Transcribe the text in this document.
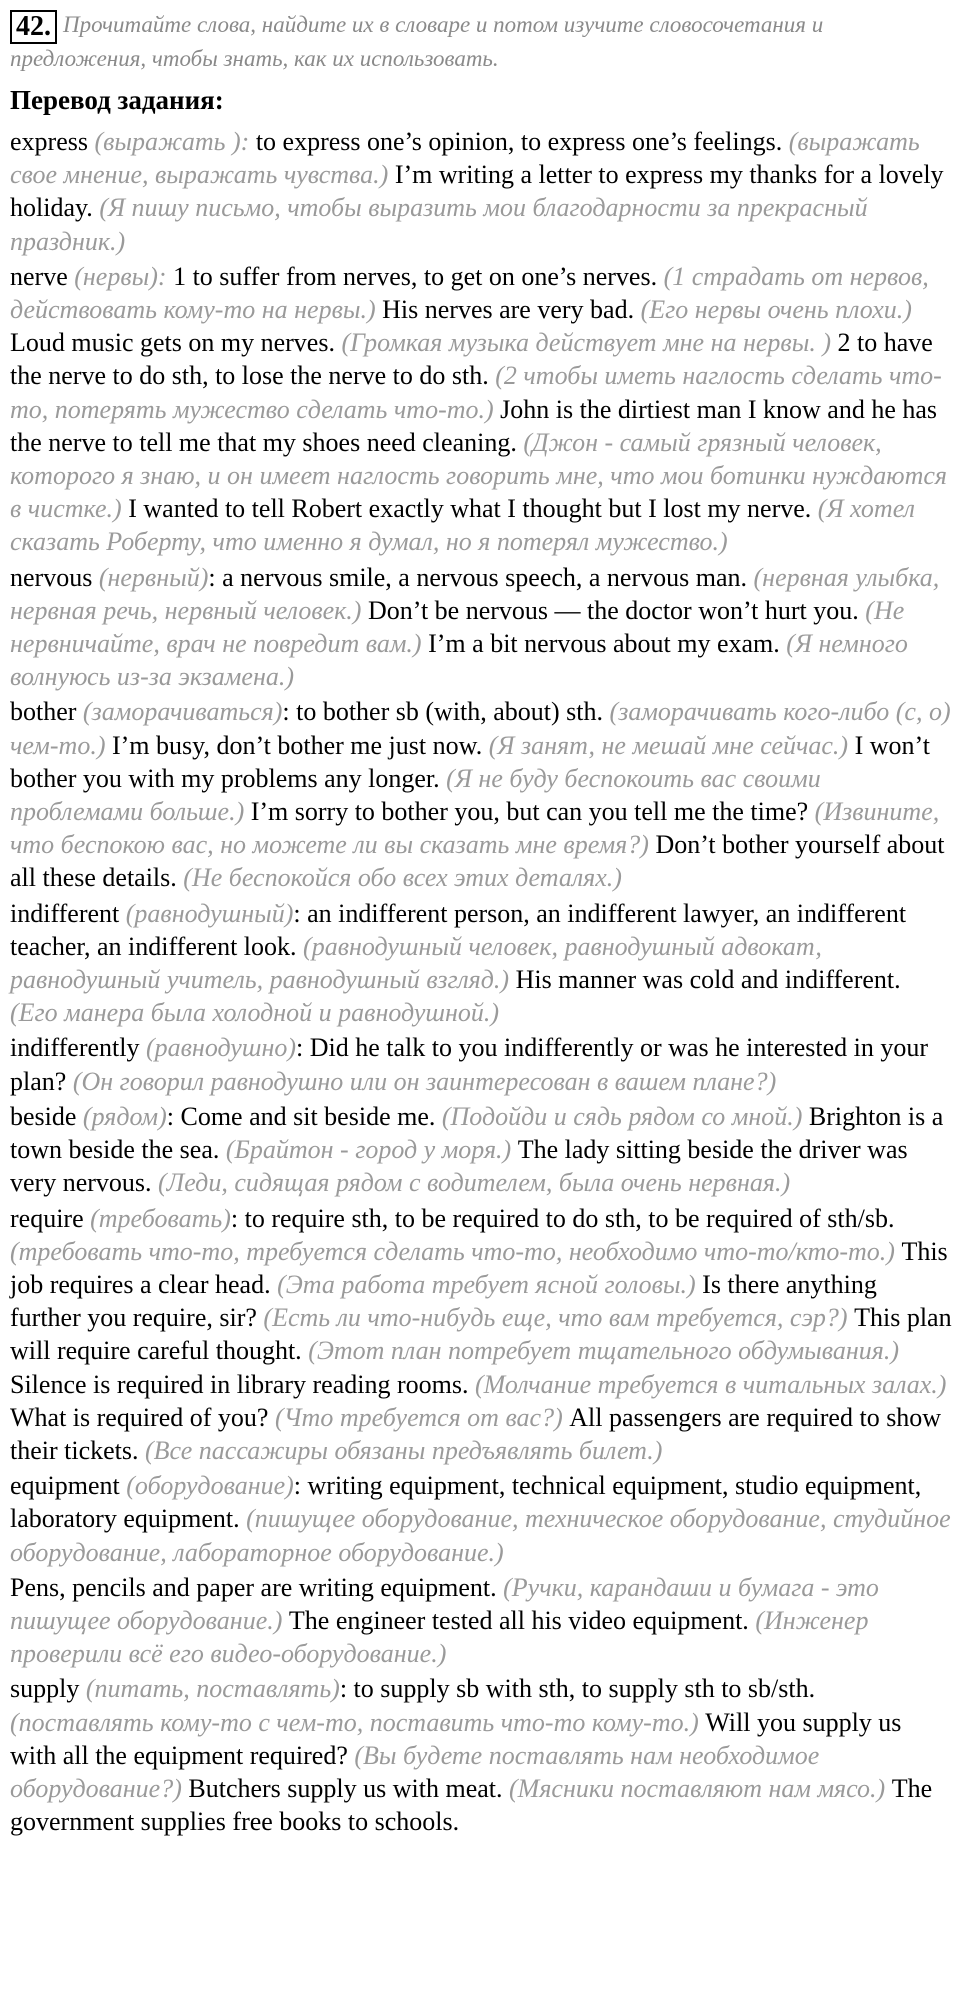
42. Прочитайте слова, найдите их в словаре и потом изучите словосочетания и предложения, чтобы знать, как их использовать.
Перевод задания:

express (выражать ): to express one’s opinion, to express one’s feelings. (выражать свое мнение, выражать чувства.) I’m writing a letter to express my thanks for a lovely holiday. (Я пишу письмо, чтобы выразить мои благодарности за прекрасный праздник.)

nerve (нервы): 1 to suffer from nerves, to get on one’s nerves. (1 страдать от нервов, действовать кому-то на нервы.) His nerves are very bad. (Его нервы очень плохи.) Loud music gets on my nerves. (Громкая музыка действует мне на нервы. ) 2 to have the nerve to do sth, to lose the nerve to do sth. (2 чтобы иметь наглость сделать что-то, потерять мужество сделать что-то.) John is the dirtiest man I know and he has the nerve to tell me that my shoes need cleaning. (Джон - самый грязный человек, которого я знаю, и он имеет наглость говорить мне, что мои ботинки нуждаются в чистке.) I wanted to tell Robert exactly what I thought but I lost my nerve. (Я хотел сказать Роберту, что именно я думал, но я потерял мужество.)

nervous (нервный): a nervous smile, a nervous speech, a nervous man. (нервная улыбка, нервная речь, нервный человек.) Don’t be nervous — the doctor won’t hurt you. (Не нервничайте, врач не повредит вам.) I’m a bit nervous about my exam. (Я немного волнуюсь из-за экзамена.)

bother (заморачиваться): to bother sb (with, about) sth. (заморачивать кого-либо (с, о) чем-то.) I’m busy, don’t bother me just now. (Я занят, не мешай мне сейчас.) I won’t bother you with my problems any longer. (Я не буду беспокоить вас своими проблемами больше.) I’m sorry to bother you, but can you tell me the time? (Извините, что беспокою вас, но можете ли вы сказать мне время?) Don’t bother yourself about all these details. (Не беспокойся обо всех этих деталях.)

indifferent (равнодушный): an indifferent person, an indifferent lawyer, an indifferent teacher, an indifferent look. (равнодушный человек, равнодушный адвокат, равнодушный учитель, равнодушный взгляд.) His manner was cold and indifferent. (Его манера была холодной и равнодушной.)

indifferently (равнодушно): Did he talk to you indifferently or was he interested in your plan? (Он говорил равнодушно или он заинтересован в вашем плане?)

beside (рядом): Come and sit beside me. (Подойди и сядь рядом со мной.) Brighton is a town beside the sea. (Брайтон - город у моря.) The lady sitting beside the driver was very nervous. (Леди, сидящая рядом с водителем, была очень нервная.)

require (требовать): to require sth, to be required to do sth, to be required of sth/sb. (требовать что-то, требуется сделать что-то, необходимо что-то/кто-то.) This job requires a clear head. (Эта работа требует ясной головы.) Is there anything further you require, sir? (Есть ли что-нибудь еще, что вам требуется, сэр?) This plan will require careful thought. (Этот план потребует тщательного обдумывания.) Silence is required in library reading rooms. (Молчание требуется в читальных залах.) What is required of you? (Что требуется от вас?) All passengers are required to show their tickets. (Все пассажиры обязаны предъявлять билет.)

equipment (оборудование): writing equipment, technical equipment, studio equipment, laboratory equipment. (пишущее оборудование, техническое оборудование, студийное оборудование, лабораторное оборудование.)

Pens, pencils and paper are writing equipment. (Ручки, карандаши и бумага - это пишущее оборудование.) The engineer tested all his video equipment. (Инженер проверили всё его видео-оборудование.)

supply (питать, поставлять): to supply sb with sth, to supply sth to sb/sth. (поставлять кому-то с чем-то, поставить что-то кому-то.) Will you supply us with all the equipment required? (Вы будете поставлять нам необходимое оборудование?) Butchers supply us with meat. (Мясники поставляют нам мясо.) The government supplies free books to schools.
